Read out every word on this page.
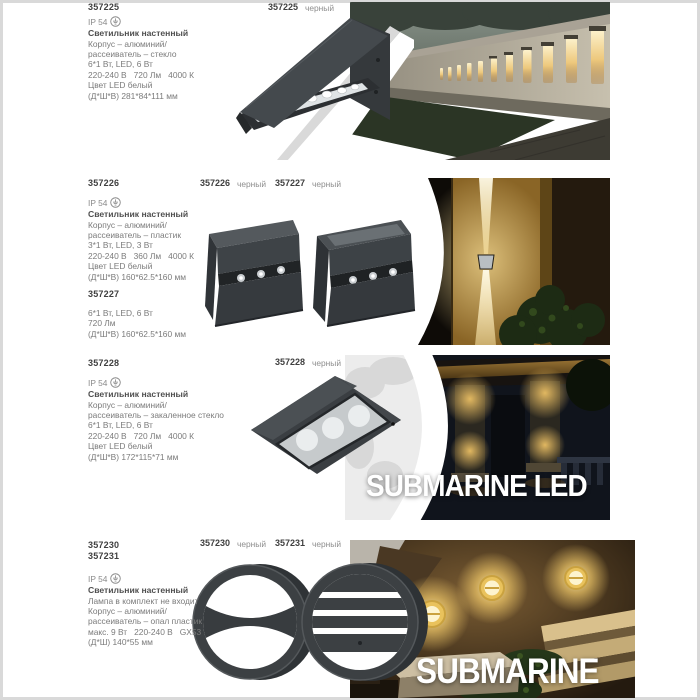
357225
IP 54
Светильник настенный
Корпус – алюминий/
рассеиватель – стекло
6*1 Вт, LED, 6 Вт
220-240 В   720 Лм   4000 К
Цвет LED белый
(Д*Ш*В) 281*84*111 мм
357225 черный
357226
IP 54
Светильник настенный
Корпус – алюминий/
рассеиватель – пластик
3*1 Вт, LED, 3 Вт
220-240 В   360 Лм   4000 К
Цвет LED белый
(Д*Ш*В) 160*62.5*160 мм
357227
6*1 Вт, LED, 6 Вт
720 Лм
(Д*Ш*В) 160*62.5*160 мм
357226 черный 357227 черный
357228
IP 54
Светильник настенный
Корпус – алюминий/
рассеиватель – закаленное стекло
6*1 Вт, LED, 6 Вт
220-240 В   720 Лм   4000 К
Цвет LED белый
(Д*Ш*В) 172*115*71 мм
357228 черный
SUBMARINE LED
357230
357231
IP 54
Светильник настенный
Лампа в комплект не входит
Корпус – алюминий/
рассеиватель – опал пластик
макс. 9 Вт   220-240 В   GX53
(Д*Ш) 140*55 мм
357230 черный 357231 черный
SUBMARINE
